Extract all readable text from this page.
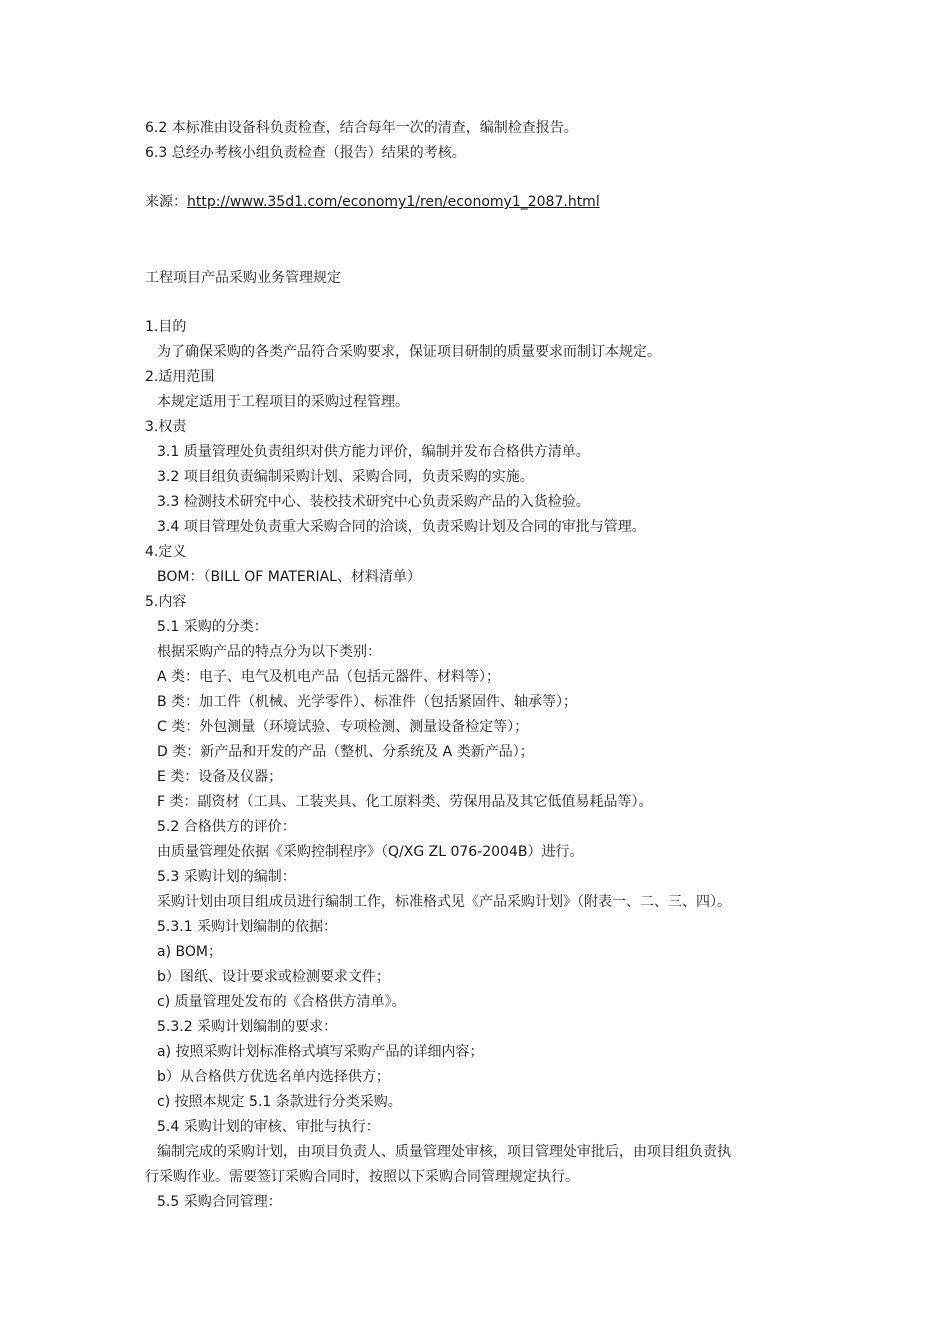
6.2 本标准由设备科负责检查，结合每年一次的清查，编制检查报告。
6.3 总经办考核小组负责检查（报告）结果的考核。
来源：http://www.35d1.com/economy1/ren/economy1_2087.html
工程项目产品采购业务管理规定
1.目的
为了确保采购的各类产品符合采购要求，保证项目研制的质量要求而制订本规定。
2.适用范围
本规定适用于工程项目的采购过程管理。
3.权责
3.1 质量管理处负责组织对供方能力评价，编制并发布合格供方清单。
3.2 项目组负责编制采购计划、采购合同，负责采购的实施。
3.3 检测技术研究中心、装校技术研究中心负责采购产品的入货检验。
3.4 项目管理处负责重大采购合同的洽谈，负责采购计划及合同的审批与管理。
4.定义
BOM：（BILL OF MATERIAL、材料清单）
5.内容
5.1 采购的分类：
根据采购产品的特点分为以下类别：
A 类：电子、电气及机电产品（包括元器件、材料等）；
B 类：加工件（机械、光学零件）、标准件（包括紧固件、轴承等）；
C 类：外包测量（环境试验、专项检测、测量设备检定等）；
D 类：新产品和开发的产品（整机、分系统及 A 类新产品）；
E 类：设备及仪器；
F 类：副资材（工具、工装夹具、化工原料类、劳保用品及其它低值易耗品等）。
5.2 合格供方的评价：
由质量管理处依据《采购控制程序》（Q/XG ZL 076-2004B）进行。
5.3 采购计划的编制：
采购计划由项目组成员进行编制工作，标准格式见《产品采购计划》（附表一、二、三、四）。
5.3.1 采购计划编制的依据：
a) BOM；
b）图纸、设计要求或检测要求文件；
c) 质量管理处发布的《合格供方清单》。
5.3.2 采购计划编制的要求：
a) 按照采购计划标准格式填写采购产品的详细内容；
b）从合格供方优选名单内选择供方；
c) 按照本规定 5.1 条款进行分类采购。
5.4 采购计划的审核、审批与执行：
编制完成的采购计划，由项目负责人、质量管理处审核，项目管理处审批后，由项目组负责执
行采购作业。需要签订采购合同时，按照以下采购合同管理规定执行。
5.5 采购合同管理：
